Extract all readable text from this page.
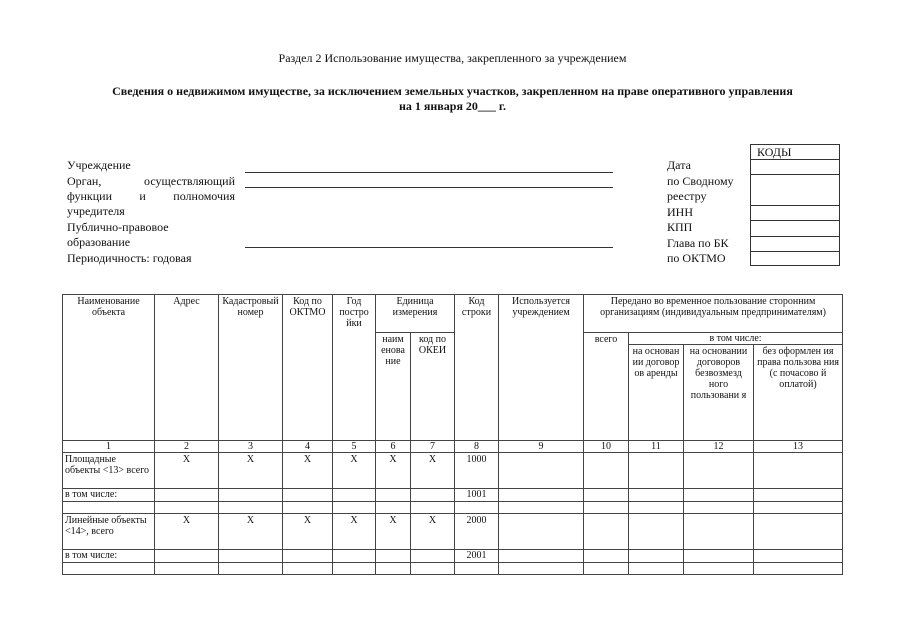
Раздел 2 Использование имущества, закрепленного за учреждением
Сведения о недвижимом имуществе, за исключением земельных участков, закрепленном на праве оперативного управления
на 1 января 20___ г.
Учреждение
Орган,	осуществляющий
функции и полномочия
учредителя
Публично-правовое
образование
Периодичность: годовая
Дата
по Сводному
реестру
ИНН
КПП
Глава по БК
по ОКТМО
КОДЫ
Наименование объекта	Адрес	Кадастровый номер	Код по ОКТМО	Год постро йки	Единица измерения		Код строки	Используется учреждением	Передано во временное пользование сторонним организациям (индивидуальным предпринимателям)			
					наим енова ние	код по ОКЕИ			всего	в том числе:		
										на основан ии договор ов аренды	на основании договоров безвозмезд ного пользовани я	без оформлен ия права пользова ния (с почасово й оплатой)
1	2	3	4	5	6	7	8	9	10	11	12	13
Площадные объекты <13> всего	X	X	X	X	X	X	1000					
в том числе:							1001					

Линейные объекты <14>, всего	X	X	X	X	X	X	2000					
в том числе:							2001					
